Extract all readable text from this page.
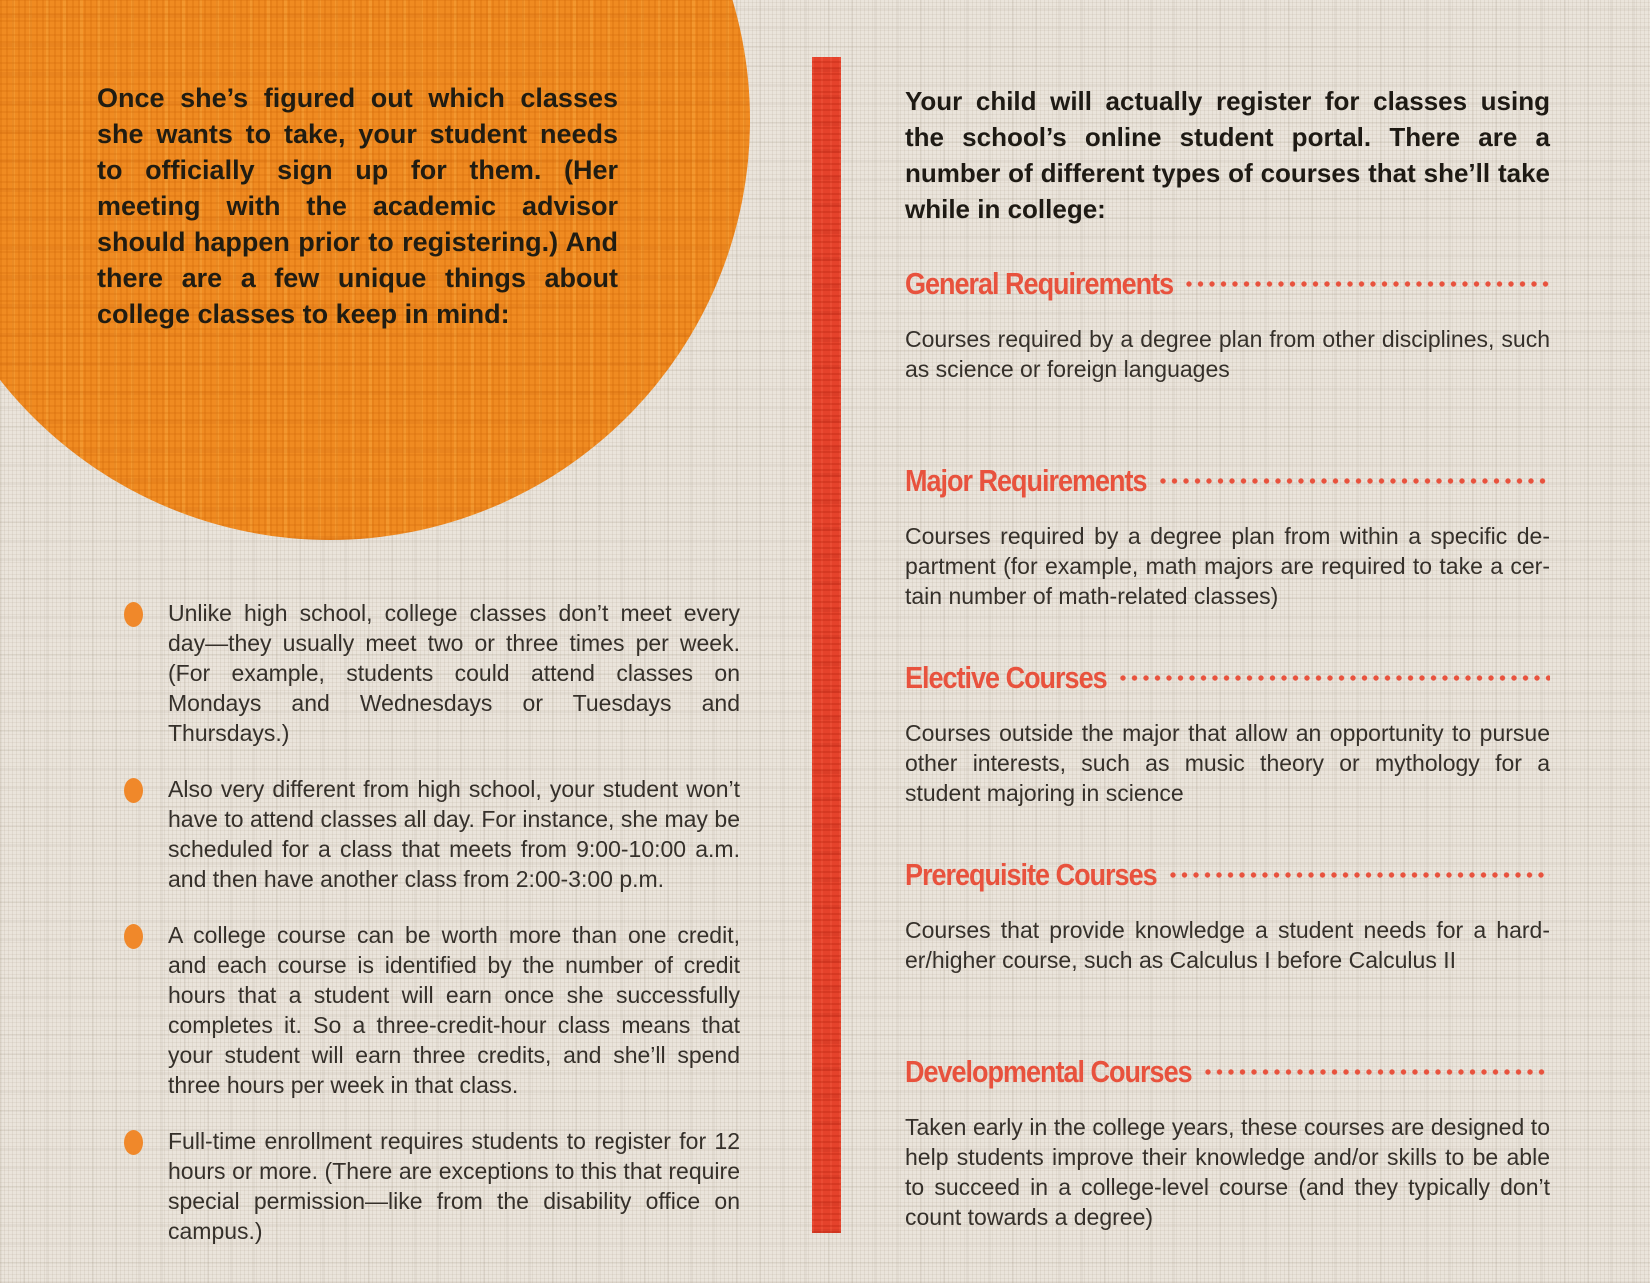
Once she’s figured out which classes she wants to take, your student needs to officially sign up for them. (Her meeting with the academic advisor should happen prior to registering.) And there are a few unique things about college classes to keep in mind:

Unlike high school, college classes don’t meet every day—they usually meet two or three times per week. (For example, students could attend classes on Mondays and Wednesdays or Tuesdays and Thursdays.)

Also very different from high school, your student won’t have to attend classes all day. For instance, she may be scheduled for a class that meets from 9:00-10:00 a.m. and then have another class from 2:00-3:00 p.m.

A college course can be worth more than one credit, and each course is identified by the number of credit hours that a student will earn once she successfully completes it. So a three-credit-hour class means that your student will earn three credits, and she’ll spend three hours per week in that class.

Full-time enrollment requires students to register for 12 hours or more. (There are exceptions to this that require special permission—like from the disability office on campus.)

Your child will actually register for classes using the school’s online student portal. There are a number of different types of courses that she’ll take while in college:

General Requirements

Courses required by a degree plan from other disciplines, such as science or foreign languages

Major Requirements

Courses required by a degree plan from within a specific department (for example, math majors are required to take a certain number of math-related classes)

Elective Courses

Courses outside the major that allow an opportunity to pursue other interests, such as music theory or mythology for a student majoring in science

Prerequisite Courses

Courses that provide knowledge a student needs for a harder/higher course, such as Calculus I before Calculus II

Developmental Courses

Taken early in the college years, these courses are designed to help students improve their knowledge and/or skills to be able to succeed in a college-level course (and they typically don’t count towards a degree)
